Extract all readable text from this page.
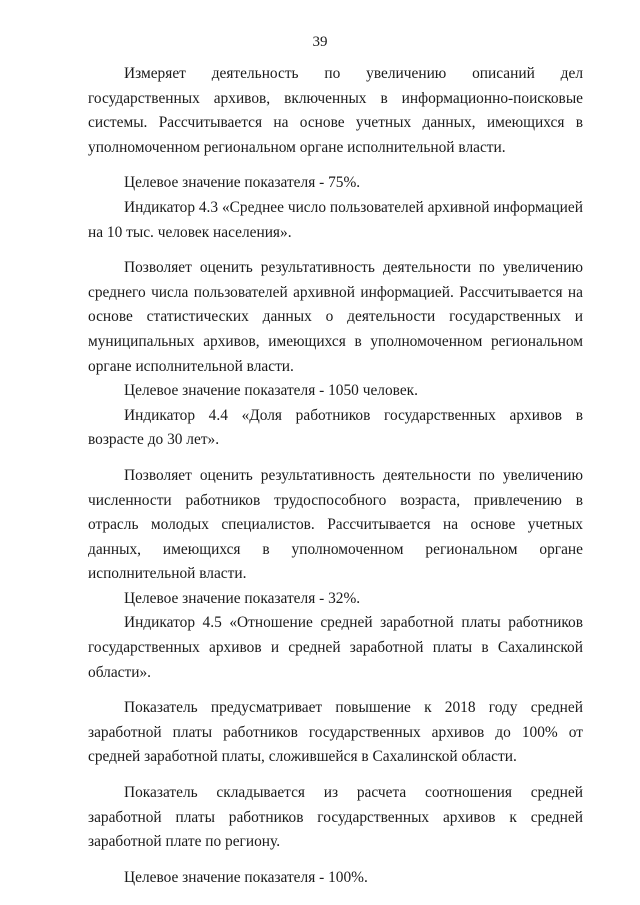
39

Измеряет деятельность по увеличению описаний дел государственных архивов, включенных в информационно-поисковые системы. Рассчитывается на основе учетных данных, имеющихся в уполномоченном региональном органе исполнительной власти.

Целевое значение показателя - 75%.

Индикатор 4.3 «Среднее число пользователей архивной информацией на 10 тыс. человек населения».

Позволяет оценить результативность деятельности по увеличению среднего числа пользователей архивной информацией. Рассчитывается на основе статистических данных о деятельности государственных и муниципальных архивов, имеющихся в уполномоченном региональном органе исполнительной власти.

Целевое значение показателя - 1050 человек.

Индикатор 4.4 «Доля работников государственных архивов в возрасте до 30 лет».

Позволяет оценить результативность деятельности по увеличению численности работников трудоспособного возраста, привлечению в отрасль молодых специалистов. Рассчитывается на основе учетных данных, имеющихся в уполномоченном региональном органе исполнительной власти.

Целевое значение показателя - 32%.

Индикатор 4.5 «Отношение средней заработной платы работников государственных архивов и средней заработной платы в Сахалинской области».

Показатель предусматривает повышение к 2018 году средней заработной платы работников государственных архивов до 100% от средней заработной платы, сложившейся в Сахалинской области.

Показатель складывается из расчета соотношения средней заработной платы работников государственных архивов к средней заработной плате по региону.

Целевое значение показателя - 100%.
